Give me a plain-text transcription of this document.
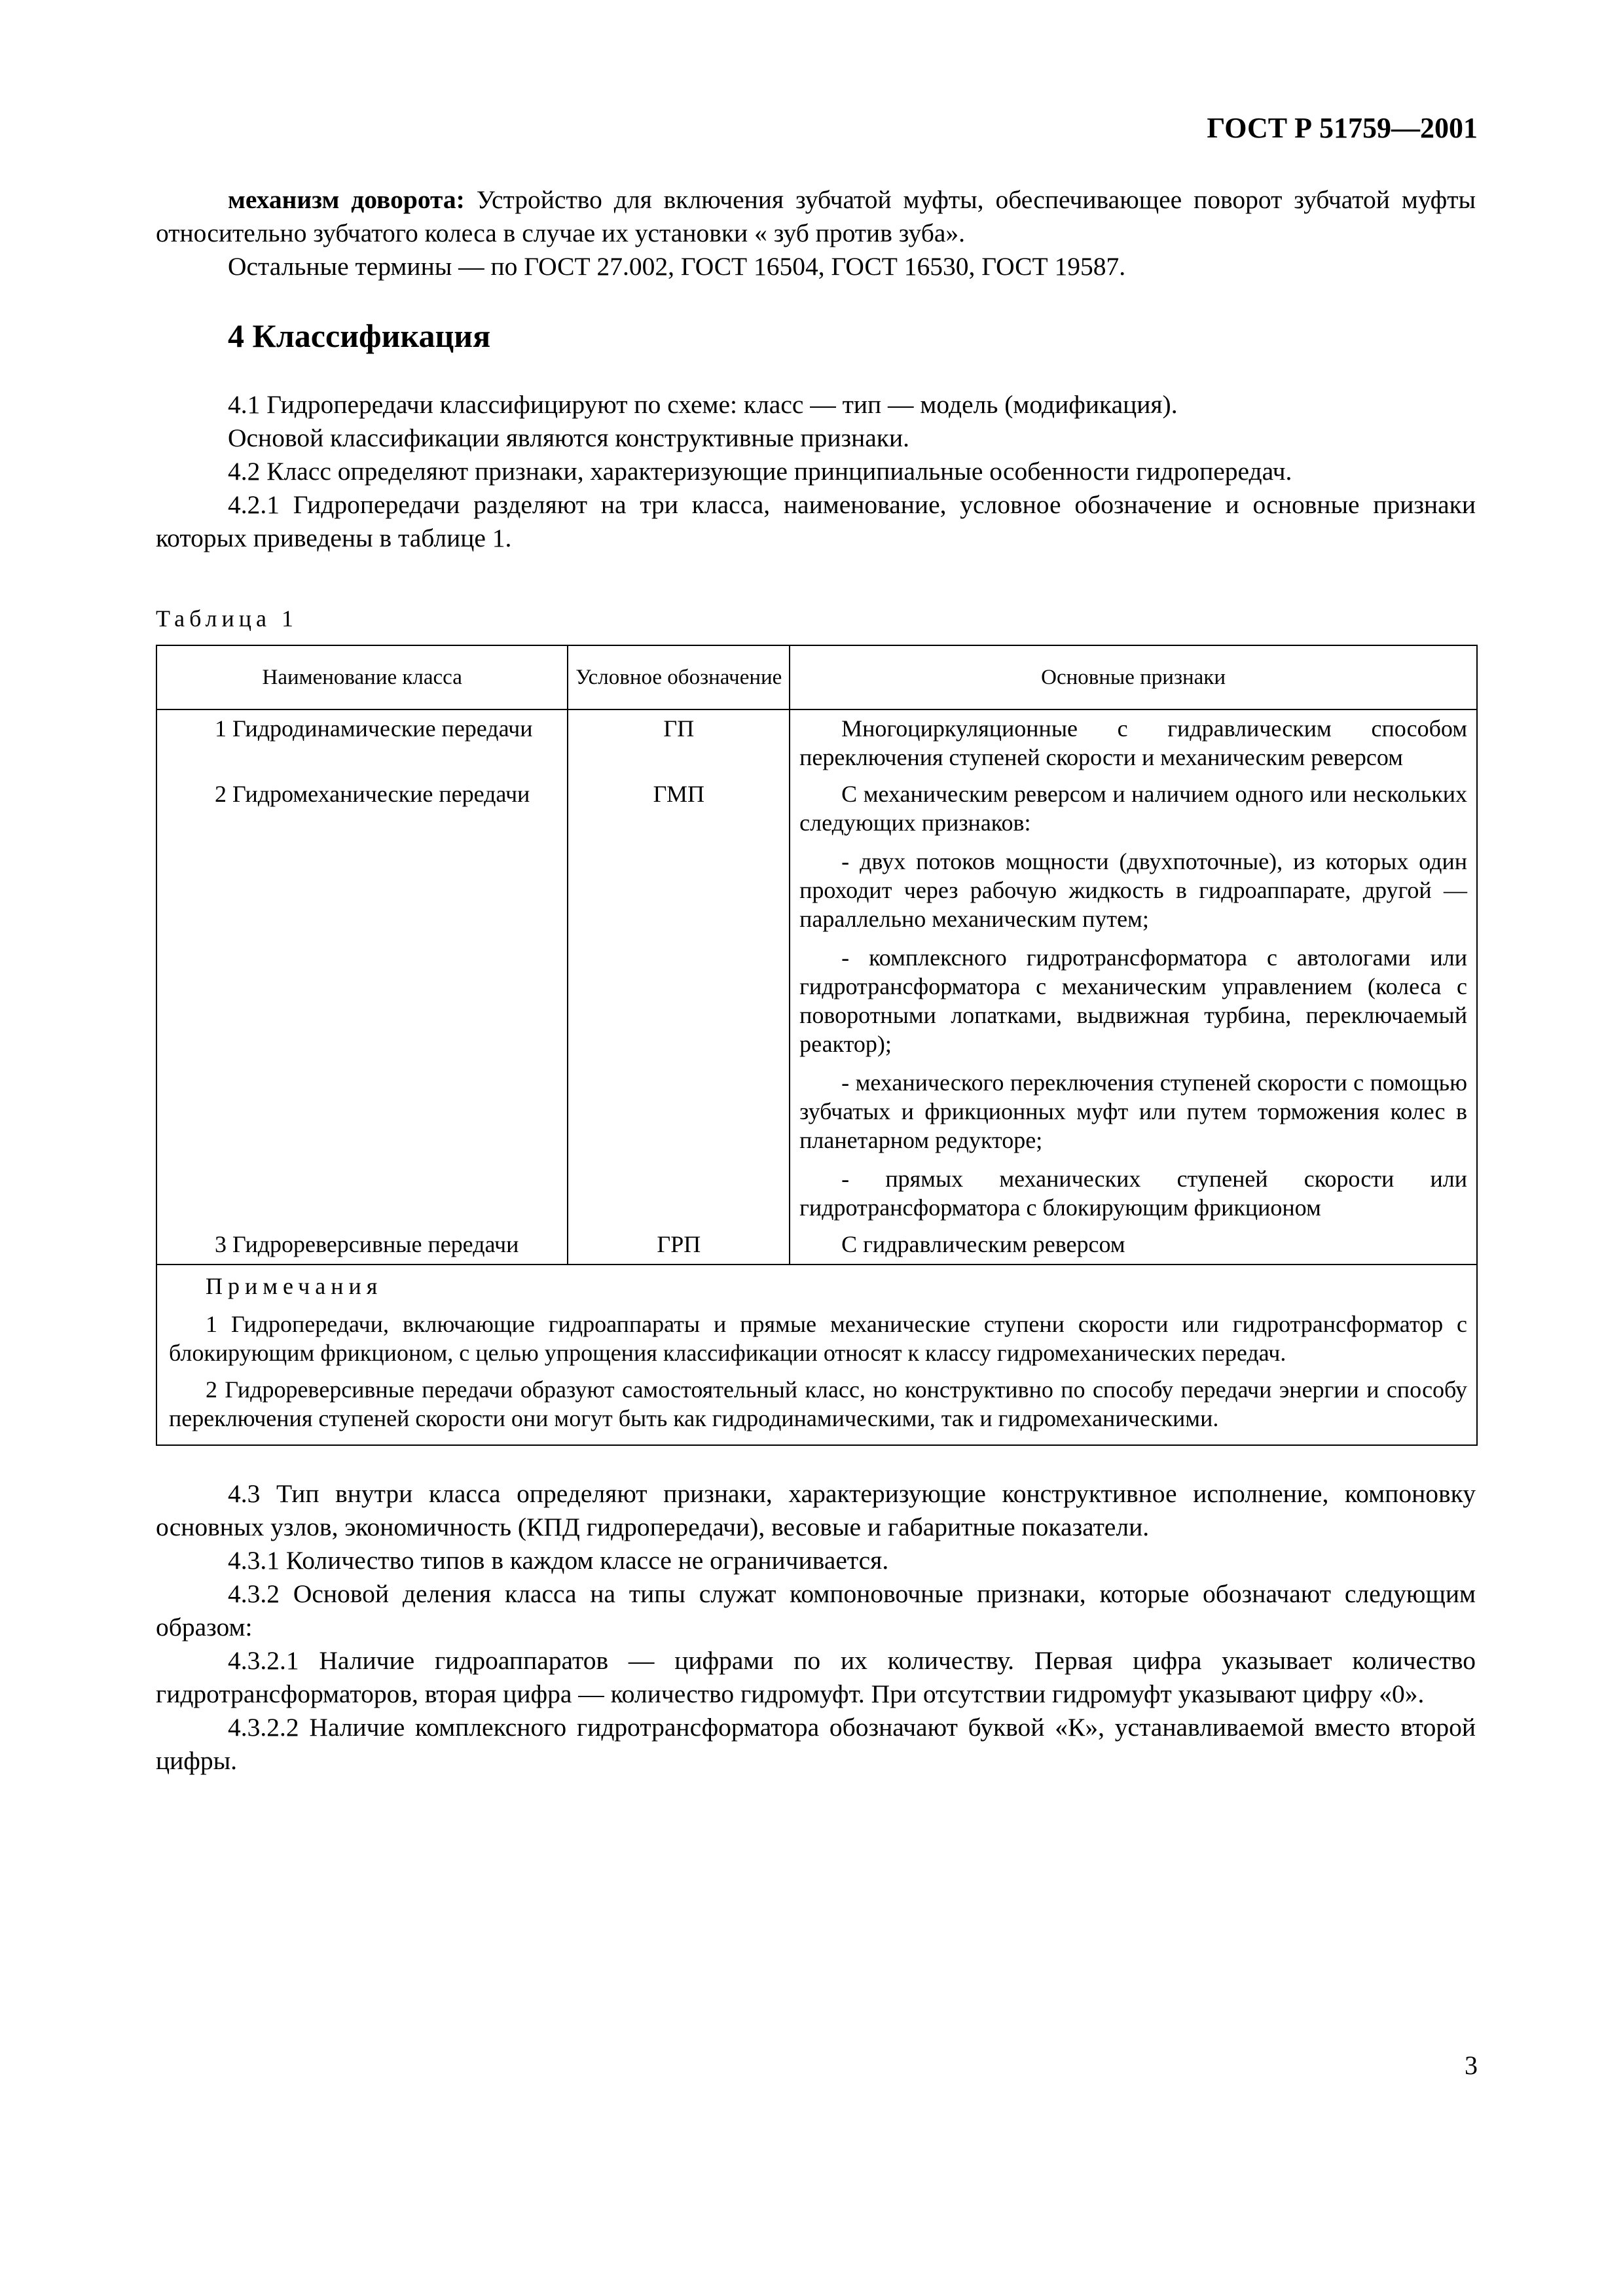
ГОСТ Р 51759—2001

механизм доворота: Устройство для включения зубчатой муфты, обеспечивающее поворот зубчатой муфты относительно зубчатого колеса в случае их установки « зуб против зуба».

Остальные термины — по ГОСТ 27.002, ГОСТ 16504, ГОСТ 16530, ГОСТ 19587.

4 Классификация

4.1 Гидропередачи классифицируют по схеме: класс — тип — модель (модификация).

Основой классификации являются конструктивные признаки.

4.2 Класс определяют признаки, характеризующие принципиальные особенности гидропередач.

4.2.1 Гидропередачи разделяют на три класса, наименование, условное обозначение и основные признаки которых приведены в таблице 1.

Таблица 1
Наименование класса	Условное обозначение	Основные признаки
1 Гидродинамические передачи	ГП	Многоциркуляционные с гидравлическим способом переключения ступеней скорости и механическим реверсом

2 Гидромеханические передачи	ГМП	С механическим реверсом и наличием одного или нескольких следующих признаков:
- двух потоков мощности (двухпоточные), из которых один проходит через рабочую жидкость в гидроаппарате, другой — параллельно механическим путем;
- комплексного гидротрансформатора с автологами или гидротрансформатора с механическим управлением (колеса с поворотными лопатками, выдвижная турбина, переключаемый реактор);
- механического переключения ступеней скорости с помощью зубчатых и фрикционных муфт или путем торможения колес в планетарном редукторе;
- прямых механических ступеней скорости или гидротрансформатора с блокирующим фрикционом

3 Гидрореверсивные передачи	ГРП	С гидравлическим реверсом

Примечания
1 Гидропередачи, включающие гидроаппараты и прямые механические ступени скорости или гидротрансформатор с блокирующим фрикционом, с целью упрощения классификации относят к классу гидромеханических передач.
2 Гидрореверсивные передачи образуют самостоятельный класс, но конструктивно по способу передачи энергии и способу переключения ступеней скорости они могут быть как гидродинамическими, так и гидромеханическими.		

4.3 Тип внутри класса определяют признаки, характеризующие конструктивное исполнение, компоновку основных узлов, экономичность (КПД гидропередачи), весовые и габаритные показатели.

4.3.1 Количество типов в каждом классе не ограничивается.

4.3.2 Основой деления класса на типы служат компоновочные признаки, которые обозначают следующим образом:

4.3.2.1 Наличие гидроаппаратов — цифрами по их количеству. Первая цифра указывает количество гидротрансформаторов, вторая цифра — количество гидромуфт. При отсутствии гидромуфт указывают цифру «0».

4.3.2.2 Наличие комплексного гидротрансформатора обозначают буквой «К», устанавливаемой вместо второй цифры.

3
